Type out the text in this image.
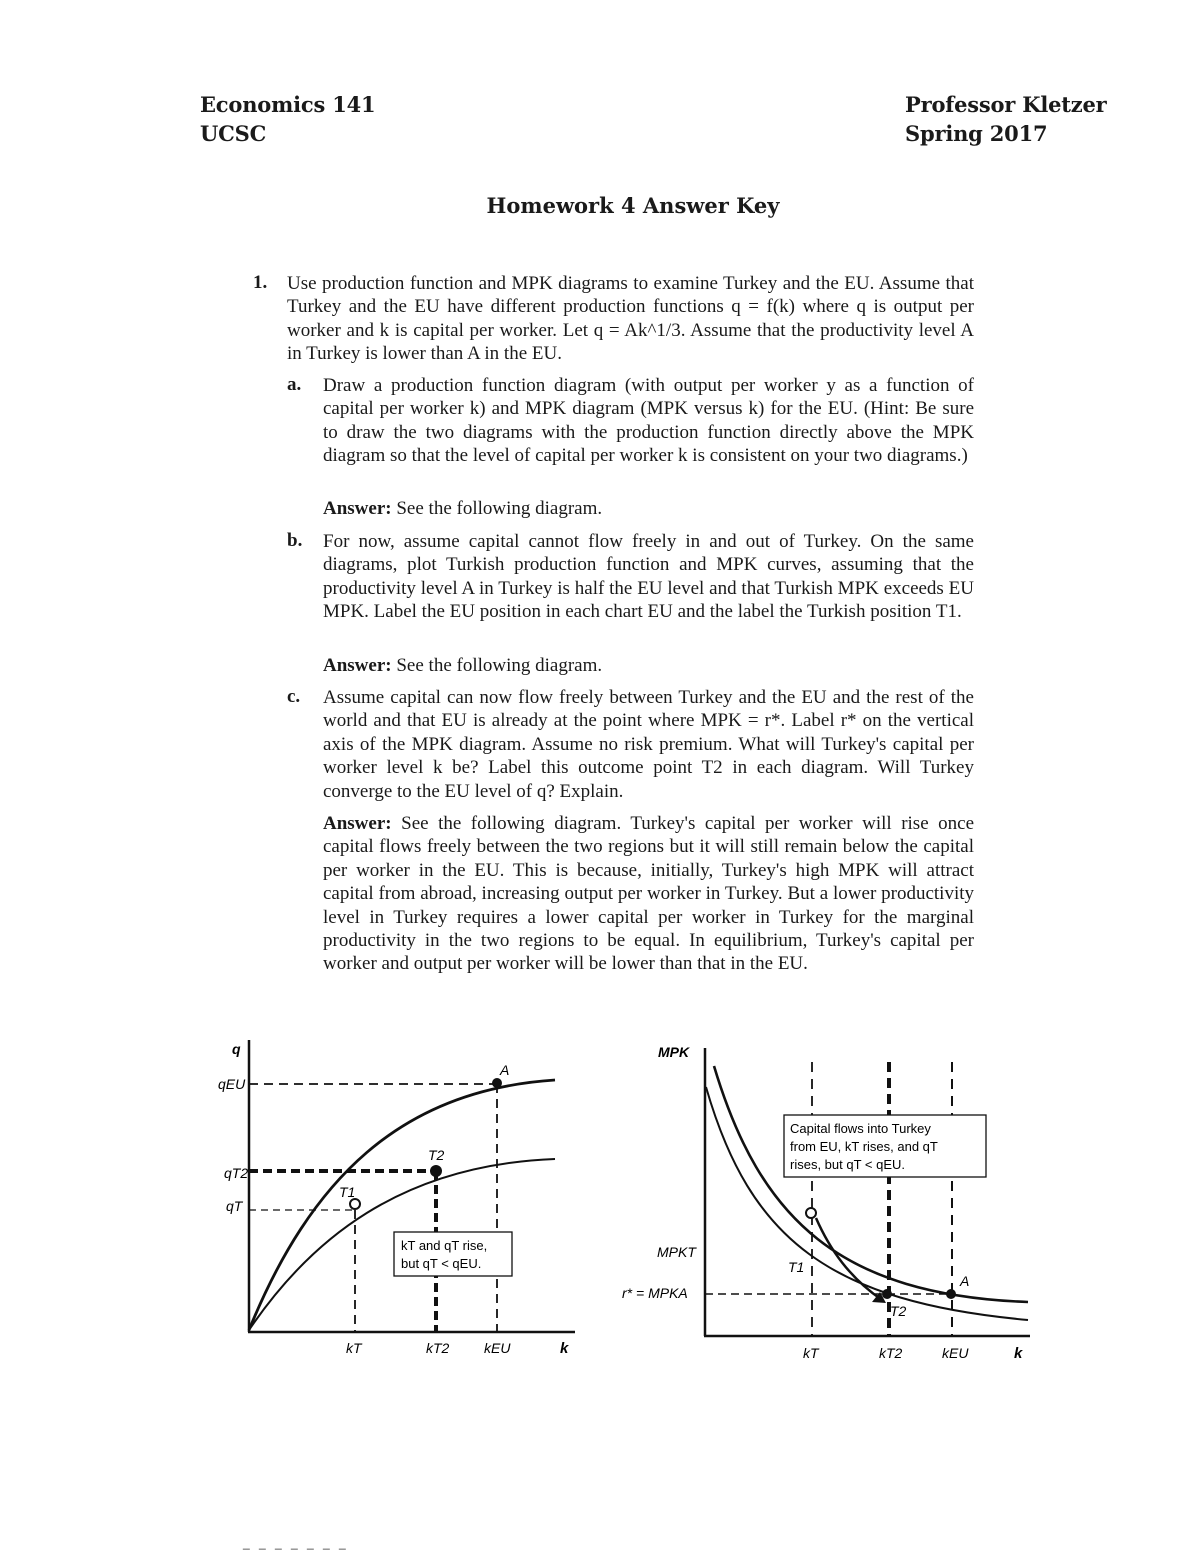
Economics 141
UCSC
Professor Kletzer
Spring 2017
Homework 4 Answer Key
1. Use production function and MPK diagrams to examine Turkey and the EU. Assume that Turkey and the EU have different production functions q = f(k) where q is output per worker and k is capital per worker. Let q = Ak^1/3. Assume that the productivity level A in Turkey is lower than A in the EU.
a. Draw a production function diagram (with output per worker y as a function of capital per worker k) and MPK diagram (MPK versus k) for the EU. (Hint: Be sure to draw the two diagrams with the production function directly above the MPK diagram so that the level of capital per worker k is consistent on your two diagrams.)
Answer: See the following diagram.
b. For now, assume capital cannot flow freely in and out of Turkey. On the same diagrams, plot Turkish production function and MPK curves, assuming that the productivity level A in Turkey is half the EU level and that Turkish MPK exceeds EU MPK. Label the EU position in each chart EU and the label the Turkish position T1.
Answer: See the following diagram.
c. Assume capital can now flow freely between Turkey and the EU and the rest of the world and that EU is already at the point where MPK = r*. Label r* on the vertical axis of the MPK diagram. Assume no risk premium. What will Turkey's capital per worker level k be? Label this outcome point T2 in each diagram. Will Turkey converge to the EU level of q? Explain.
Answer: See the following diagram. Turkey's capital per worker will rise once capital flows freely between the two regions but it will still remain below the capital per worker in the EU. This is because, initially, Turkey's high MPK will attract capital from abroad, increasing output per worker in Turkey. But a lower productivity level in Turkey requires a lower capital per worker in Turkey for the marginal productivity in the two regions to be equal. In equilibrium, Turkey's capital per worker and output per worker will be lower than that in the EU.
q
k
A
T2
T1
qEU
qT2
qT
kT	kT2 kEU
kT and qT rise,
but qT < qEU.
MPK
k
T1
T2
A
MPKT
r* = MPKA
kT	kT2	kEU
Capital flows into Turkey
from EU, kT rises, and qT
rises, but qT < qEU.
_ _ _ _ _ _ _
